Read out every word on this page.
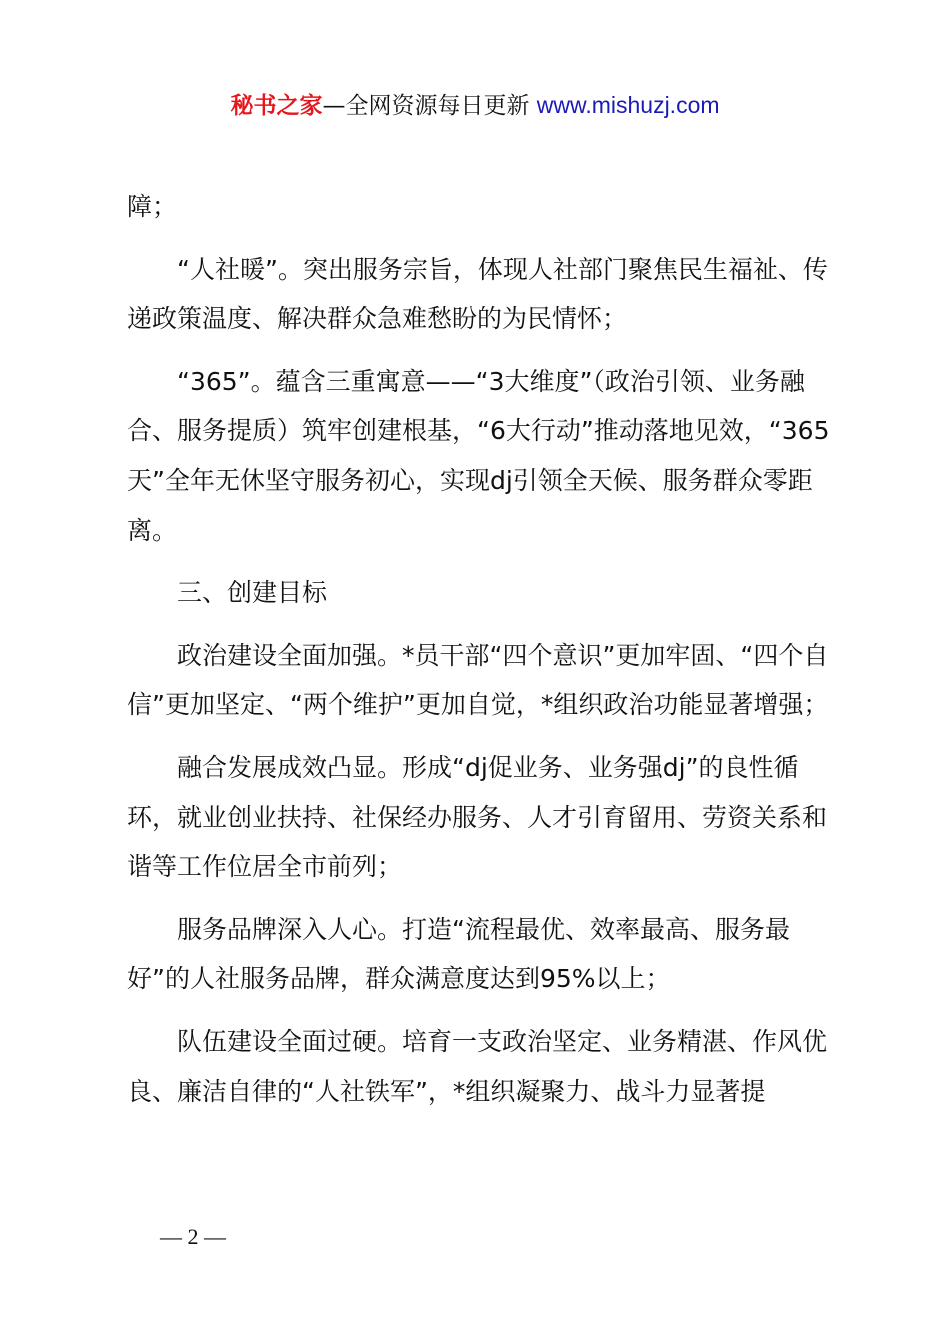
秘书之家—全网资源每日更新 www.mishuzj.com

障；

“人社暖”。突出服务宗旨，体现人社部门聚焦民生福祉、传递政策温度、解决群众急难愁盼的为民情怀；

“365”。蕴含三重寓意——“3大维度”（政治引领、业务融合、服务提质）筑牢创建根基，“6大行动”推动落地见效，“365天”全年无休坚守服务初心，实现dj引领全天候、服务群众零距离。

三、创建目标

政治建设全面加强。*员干部“四个意识”更加牢固、“四个自信”更加坚定、“两个维护”更加自觉，*组织政治功能显著增强；

融合发展成效凸显。形成“dj促业务、业务强dj”的良性循环，就业创业扶持、社保经办服务、人才引育留用、劳资关系和谐等工作位居全市前列；

服务品牌深入人心。打造“流程最优、效率最高、服务最好”的人社服务品牌，群众满意度达到95%以上；

队伍建设全面过硬。培育一支政治坚定、业务精湛、作风优良、廉洁自律的“人社铁军”，*组织凝聚力、战斗力显著提

— 2 —
